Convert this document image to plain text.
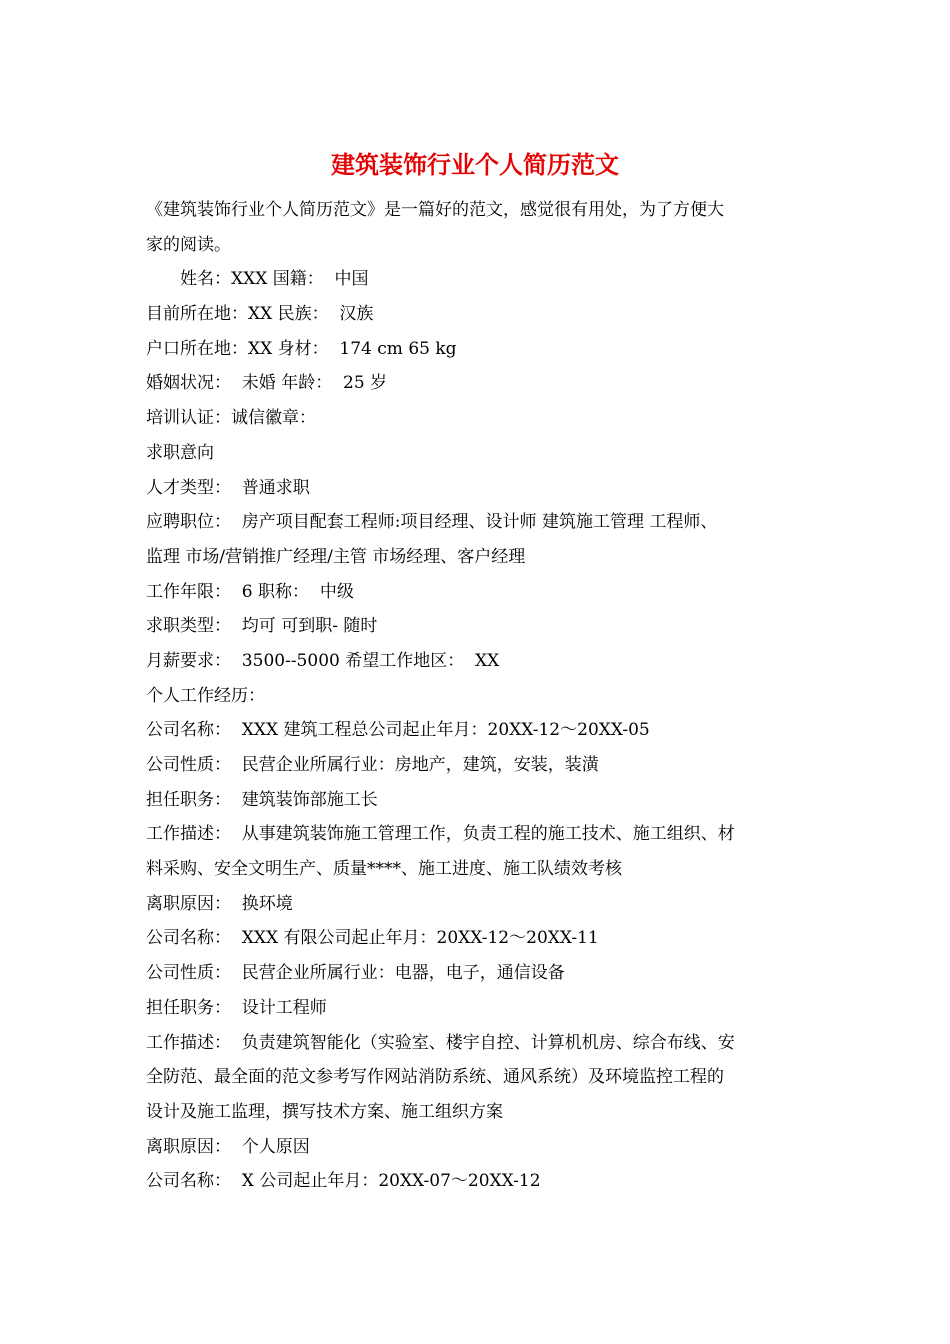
建筑装饰行业个人简历范文

《建筑装饰行业个人简历范文》是一篇好的范文，感觉很有用处，为了方便大

家的阅读。

姓名：XXX 国籍：  中国

目前所在地：XX 民族：  汉族

户口所在地：XX 身材：  174 cm 65 kg

婚姻状况：  未婚 年龄：  25 岁

培训认证：诚信徽章：

求职意向

人才类型：  普通求职

应聘职位：  房产项目配套工程师:项目经理、设计师 建筑施工管理 工程师、

监理 市场/营销推广经理/主管 市场经理、客户经理

工作年限：  6 职称：  中级

求职类型：  均可 可到职- 随时

月薪要求：  3500--5000 希望工作地区：  XX

个人工作经历：

公司名称：  XXX 建筑工程总公司起止年月：20XX-12～20XX-05

公司性质：  民营企业所属行业：房地产，建筑，安装，装潢

担任职务：  建筑装饰部施工长

工作描述：  从事建筑装饰施工管理工作，负责工程的施工技术、施工组织、材

料采购、安全文明生产、质量****、施工进度、施工队绩效考核

离职原因：  换环境

公司名称：  XXX 有限公司起止年月：20XX-12～20XX-11

公司性质：  民营企业所属行业：电器，电子，通信设备

担任职务：  设计工程师

工作描述：  负责建筑智能化（实验室、楼宇自控、计算机机房、综合布线、安

全防范、最全面的范文参考写作网站消防系统、通风系统）及环境监控工程的

设计及施工监理，撰写技术方案、施工组织方案

离职原因：  个人原因

公司名称：  X 公司起止年月：20XX-07～20XX-12
